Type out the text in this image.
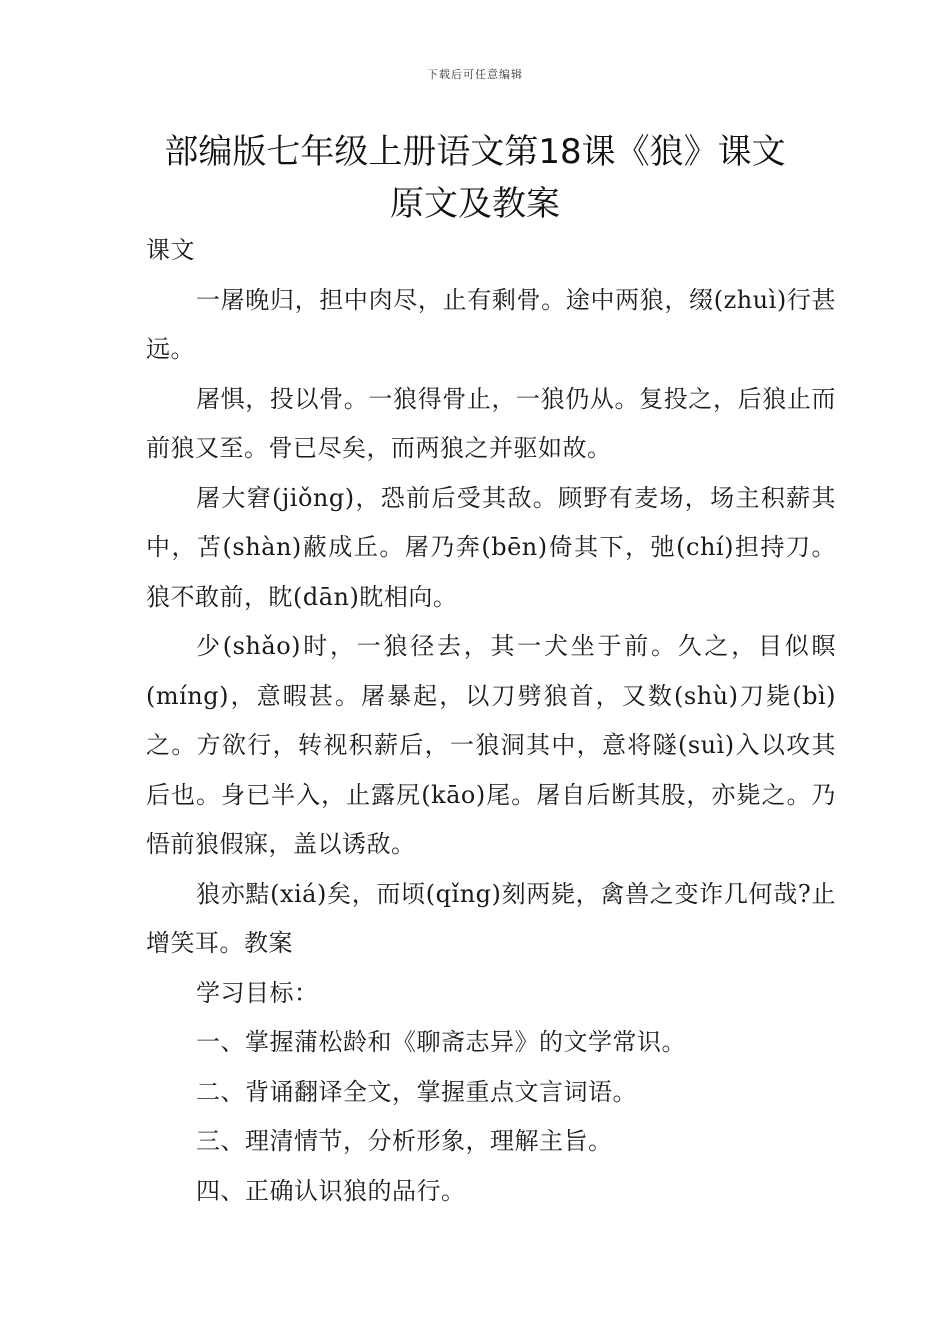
下载后可任意编辑
部编版七年级上册语文第18课《狼》课文
原文及教案

课文

一屠晚归，担中肉尽，止有剩骨。途中两狼，缀(zhuì)行甚远。

屠惧，投以骨。一狼得骨止，一狼仍从。复投之，后狼止而前狼又至。骨已尽矣，而两狼之并驱如故。

屠大窘(jiǒng)，恐前后受其敌。顾野有麦场，场主积薪其中，苫(shàn)蔽成丘。屠乃奔(bēn)倚其下，弛(chí)担持刀。狼不敢前，眈(dān)眈相向。

少(shǎo)时，一狼径去，其一犬坐于前。久之，目似瞑(míng)，意暇甚。屠暴起，以刀劈狼首，又数(shù)刀毙(bì)之。方欲行，转视积薪后，一狼洞其中，意将隧(suì)入以攻其后也。身已半入，止露尻(kāo)尾。屠自后断其股，亦毙之。乃悟前狼假寐，盖以诱敌。

狼亦黠(xiá)矣，而顷(qǐng)刻两毙，禽兽之变诈几何哉?止增笑耳。教案

学习目标：

一、掌握蒲松龄和《聊斋志异》的文学常识。

二、背诵翻译全文，掌握重点文言词语。

三、理清情节，分析形象，理解主旨。

四、正确认识狼的品行。
